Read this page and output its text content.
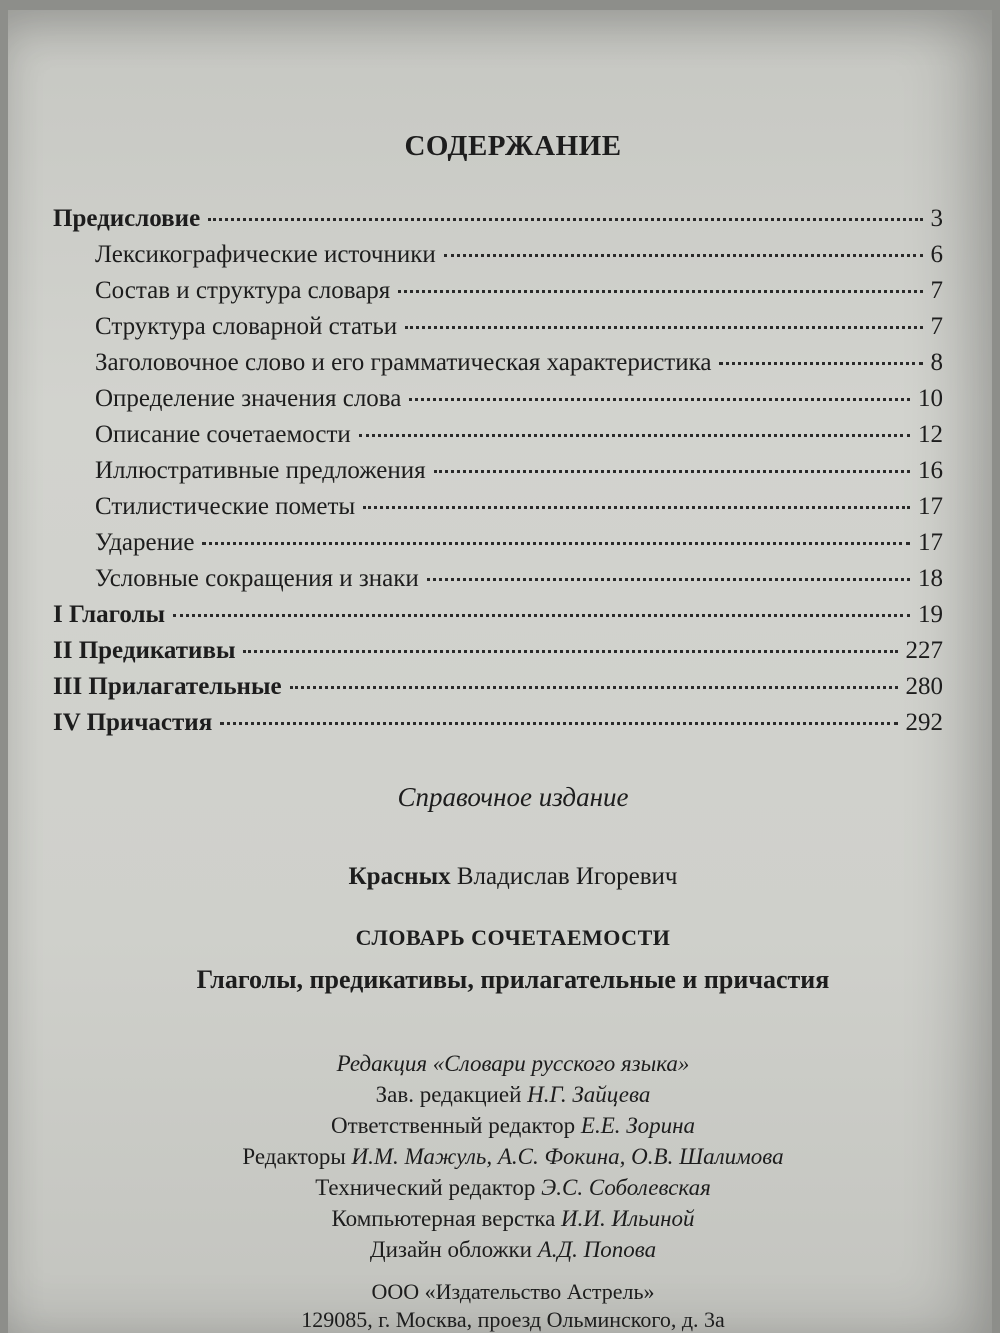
СОДЕРЖАНИЕ
Предисловие	3
Лексикографические источники	6
Состав и структура словаря	7
Структура словарной статьи	7
Заголовочное слово и его грамматическая характеристика	8
Определение значения слова	10
Описание сочетаемости	12
Иллюстративные предложения	16
Стилистические пометы	17
Ударение	17
Условные сокращения и знаки	18
I Глаголы	19
II Предикативы	227
III Прилагательные	280
IV Причастия	292
Справочное издание
Красных Владислав Игоревич
СЛОВАРЬ СОЧЕТАЕМОСТИ
Глаголы, предикативы, прилагательные и причастия
Редакция «Словари русского языка»
Зав. редакцией Н.Г. Зайцева
Ответственный редактор Е.Е. Зорина
Редакторы И.М. Мажуль, А.С. Фокина, О.В. Шалимова
Технический редактор Э.С. Соболевская
Компьютерная верстка И.И. Ильиной
Дизайн обложки А.Д. Попова
ООО «Издательство Астрель»
129085, г. Москва, проезд Ольминского, д. 3а
